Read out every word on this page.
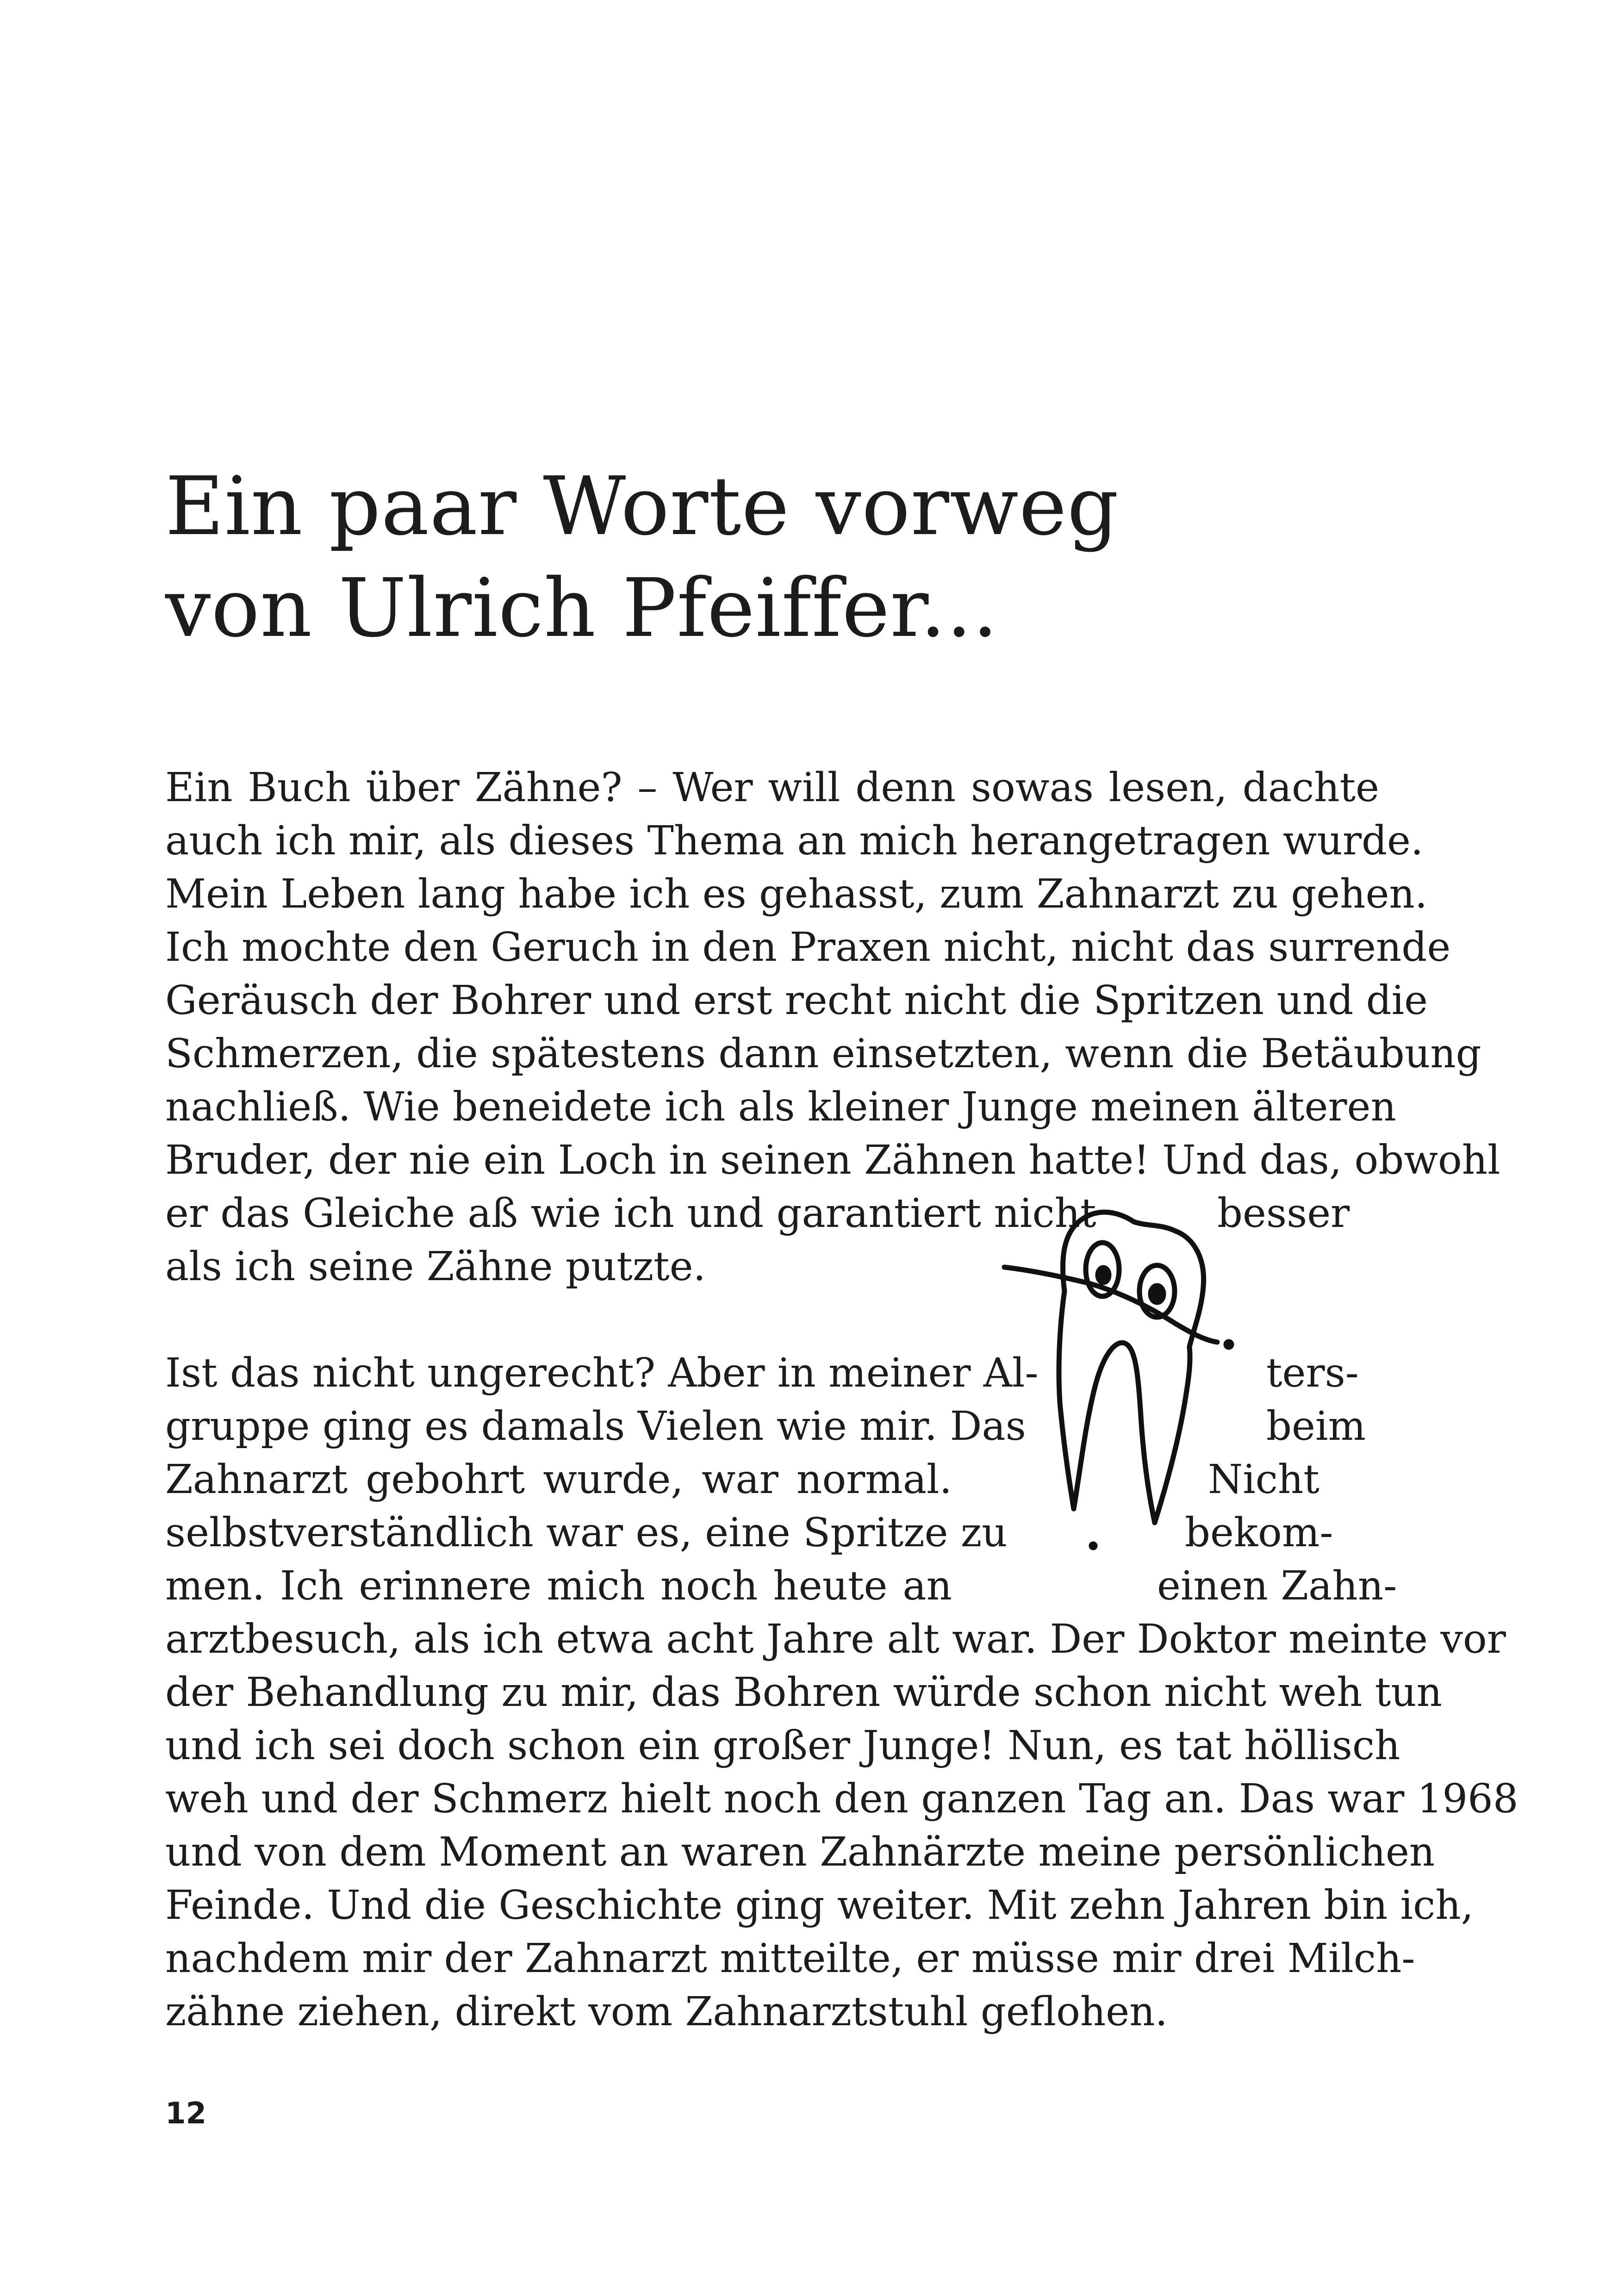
Ein paar Worte vorweg
von Ulrich Pfeiffer...
Ein Buch über Zähne? – Wer will denn sowas lesen, dachte
auch ich mir, als dieses Thema an mich herangetragen wurde.
Mein Leben lang habe ich es gehasst, zum Zahnarzt zu gehen.
Ich mochte den Geruch in den Praxen nicht, nicht das surrende
Geräusch der Bohrer und erst recht nicht die Spritzen und die
Schmerzen, die spätestens dann einsetzten, wenn die Betäubung
nachließ. Wie beneidete ich als kleiner Junge meinen älteren
Bruder, der nie ein Loch in seinen Zähnen hatte! Und das, obwohl
er das Gleiche aß wie ich und garantiert nicht	besser
als ich seine Zähne putzte.
Ist das nicht ungerecht? Aber in meiner Al-	ters-
gruppe ging es damals Vielen wie mir. Das	beim
Zahnarzt gebohrt wurde, war normal.	Nicht
selbstverständlich war es, eine Spritze zu	bekom-
men. Ich erinnere mich noch heute an	einen Zahn-
arztbesuch, als ich etwa acht Jahre alt war. Der Doktor meinte vor
der Behandlung zu mir, das Bohren würde schon nicht weh tun
und ich sei doch schon ein großer Junge! Nun, es tat höllisch
weh und der Schmerz hielt noch den ganzen Tag an. Das war 1968
und von dem Moment an waren Zahnärzte meine persönlichen
Feinde. Und die Geschichte ging weiter. Mit zehn Jahren bin ich,
nachdem mir der Zahnarzt mitteilte, er müsse mir drei Milch-
zähne ziehen, direkt vom Zahnarztstuhl geflohen.
12
